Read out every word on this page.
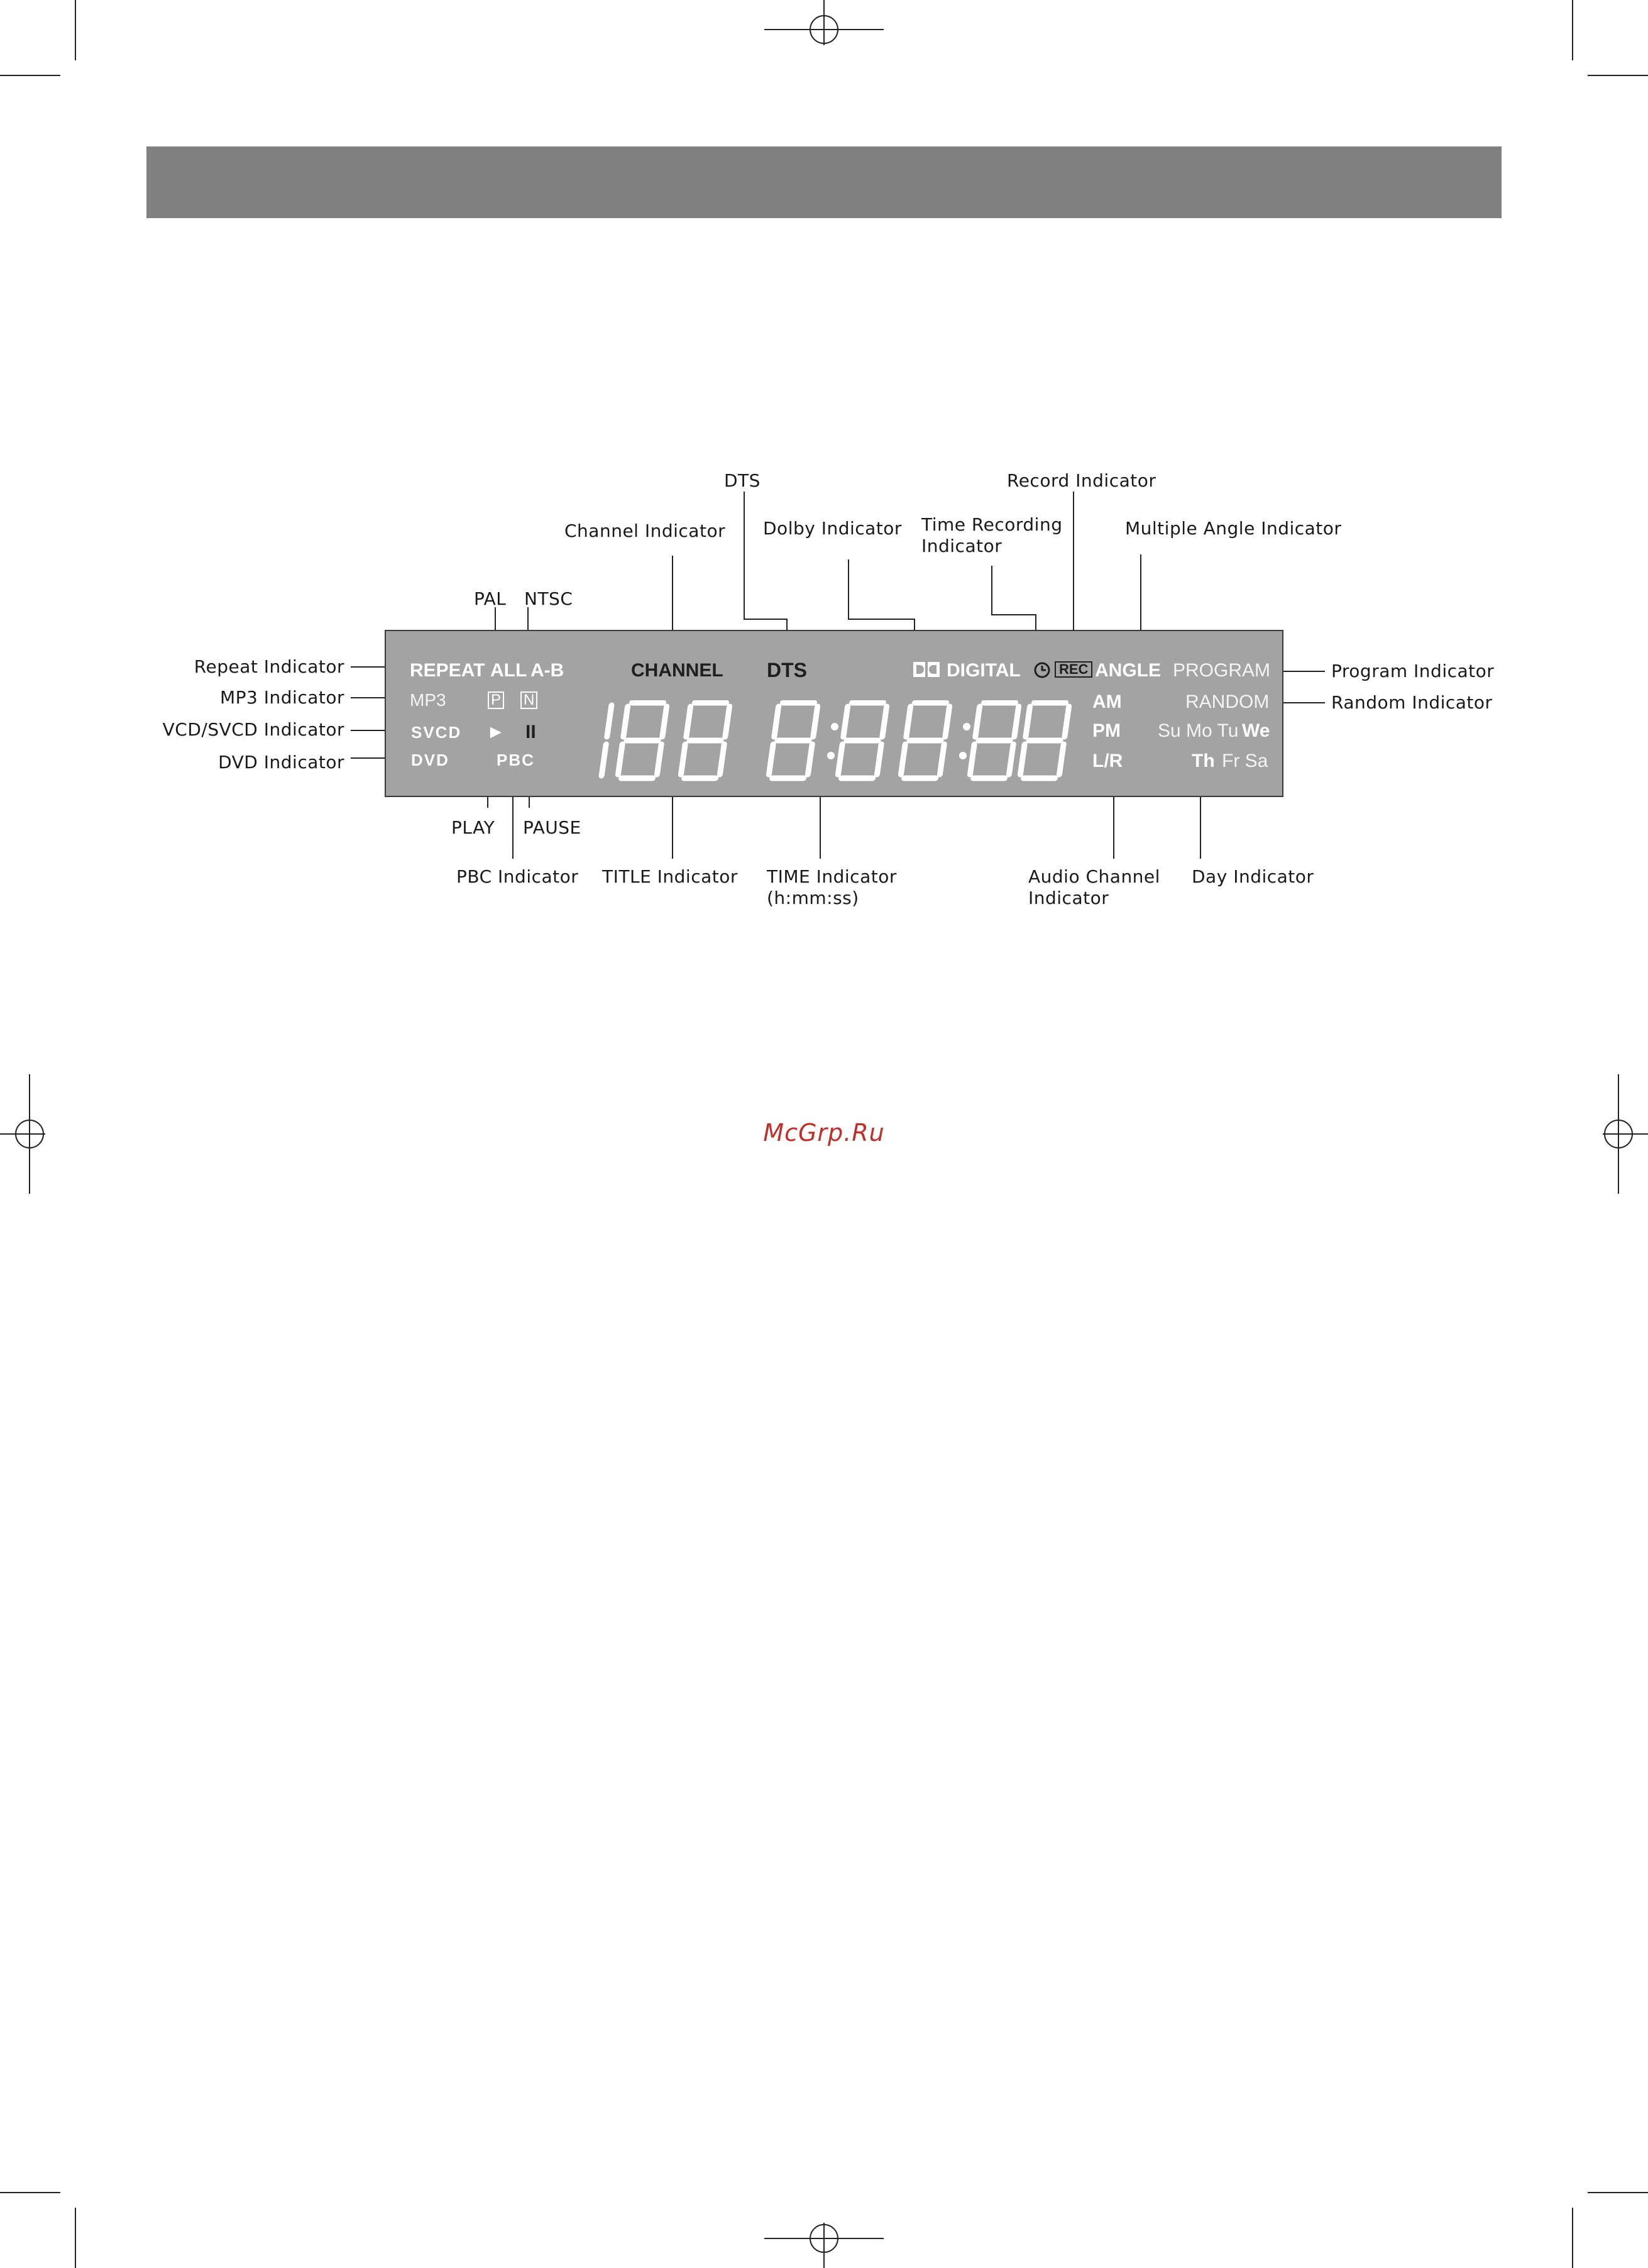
REPEAT ALL A-B
MP3	P N
SVCD ► II
DVD	PBC
CHANNEL DTS	DIGITAL	REC ANGLE PROGRAM
RANDOM
AM
PM
L/R
Su Mo Tu We
Th Fr Sa
DTS	Record Indicator
Time Recording
Indicator
Channel Indicator Dolby Indicator	Multiple Angle Indicator
PAL NTSC
Repeat Indicator
MP3 Indicator
VCD/SVCD Indicator
DVD Indicator
Program Indicator
Random Indicator
PLAY PAUSE
PBC Indicator TITLE Indicator TIME Indicator
(h:mm:ss)
Audio Channel
Indicator
Day Indicator
McGrp.Ru
